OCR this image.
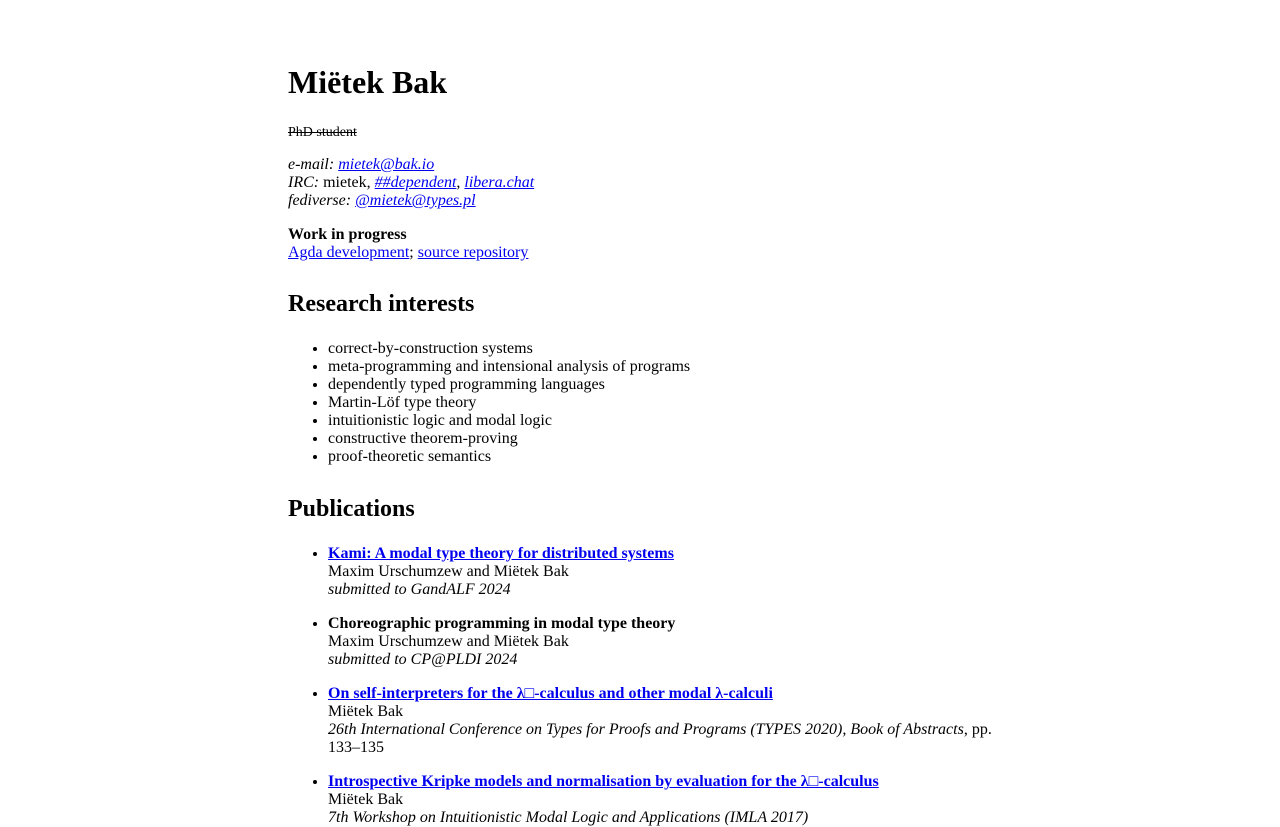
Miëtek Bak
PhD student
e-mail: mietek@bak.io
IRC: mietek, ##dependent, libera.chat
fediverse: @mietek@types.pl
Work in progress
Agda development; source repository
Research interests
• correct-by-construction systems
• meta-programming and intensional analysis of programs
• dependently typed programming languages
• Martin-Löf type theory
• intuitionistic logic and modal logic
• constructive theorem-proving
• proof-theoretic semantics
Publications
• Kami: A modal type theory for distributed systems
Maxim Urschumzew and Miëtek Bak
submitted to GandALF 2024
• Choreographic programming in modal type theory
Maxim Urschumzew and Miëtek Bak
submitted to CP@PLDI 2024
• On self-interpreters for the λ□-calculus and other modal λ-calculi
Miëtek Bak
26th International Conference on Types for Proofs and Programs (TYPES 2020), Book of Abstracts, pp. 133–135
• Introspective Kripke models and normalisation by evaluation for the λ□-calculus
Miëtek Bak
7th Workshop on Intuitionistic Modal Logic and Applications (IMLA 2017)
